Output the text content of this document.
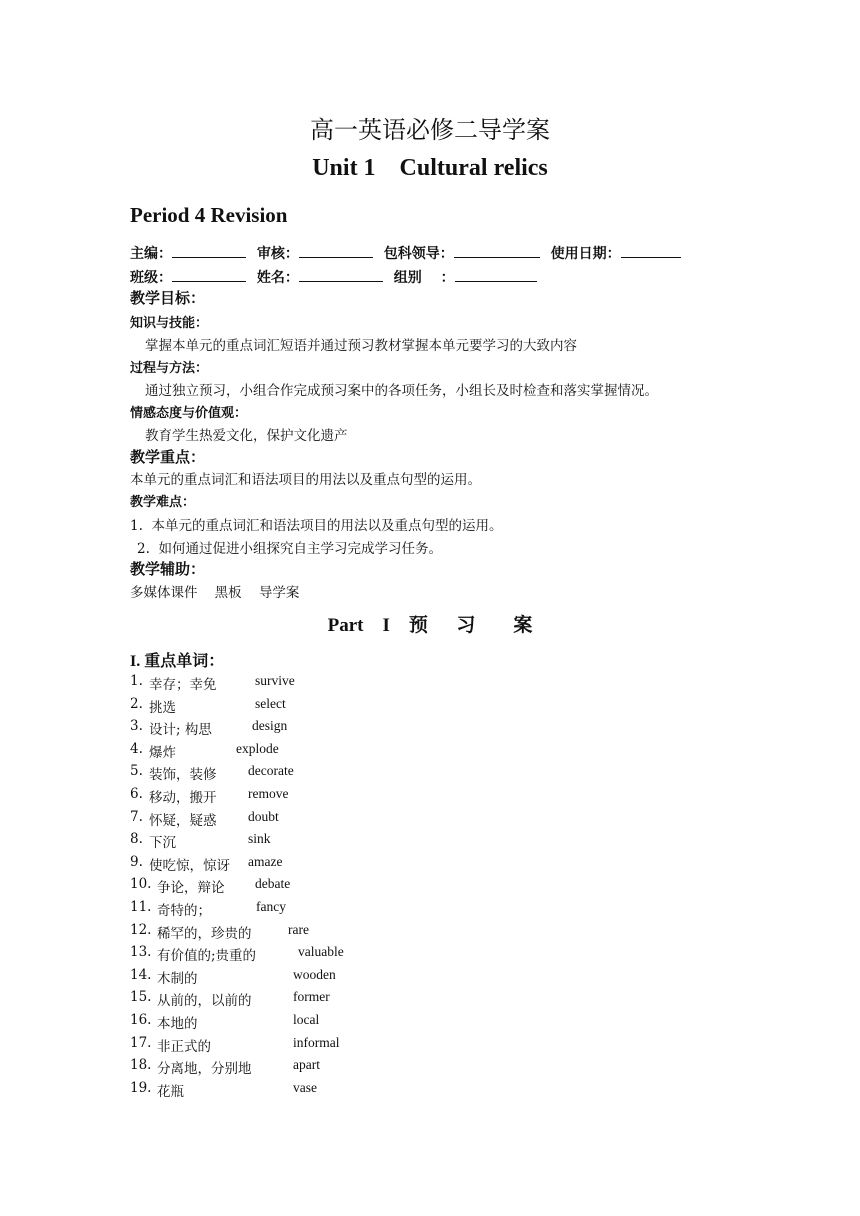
高一英语必修二导学案
Unit 1    Cultural relics
Period 4 Revision
主编：	审核：	包科领导：	使用日期：
班级：	姓名：	组别 ：
教学目标：
知识与技能：
掌握本单元的重点词汇短语并通过预习教材掌握本单元要学习的大致内容
过程与方法：
通过独立预习，小组合作完成预习案中的各项任务，小组长及时检查和落实掌握情况。
情感态度与价值观：
教育学生热爱文化，保护文化遗产
教学重点：
本单元的重点词汇和语法项目的用法以及重点句型的运用。
教学难点：
1.  本单元的重点词汇和语法项目的用法以及重点句型的运用。
2.  如何通过促进小组探究自主学习完成学习任务。
教学辅助：
多媒体课件    黑板    导学案
Part    I    预      习        案
I. 重点单词：
1. 幸存；幸免	survive
2. 挑选	select
3. 设计; 构思	design
4. 爆炸	explode
5. 装饰，装修 decorate
6. 移动，搬开 remove
7. 怀疑，疑惑 doubt
8. 下沉	sink
9. 使吃惊，惊讶 amaze
10. 争论，辩论 debate
11. 奇特的；	fancy
12. 稀罕的，珍贵的	rare
13. 有价值的;贵重的	valuable
14. 木制的	wooden
15. 从前的，以前的	former
16. 本地的	local
17. 非正式的	informal
18. 分离地，分别地	apart
19. 花瓶	vase
